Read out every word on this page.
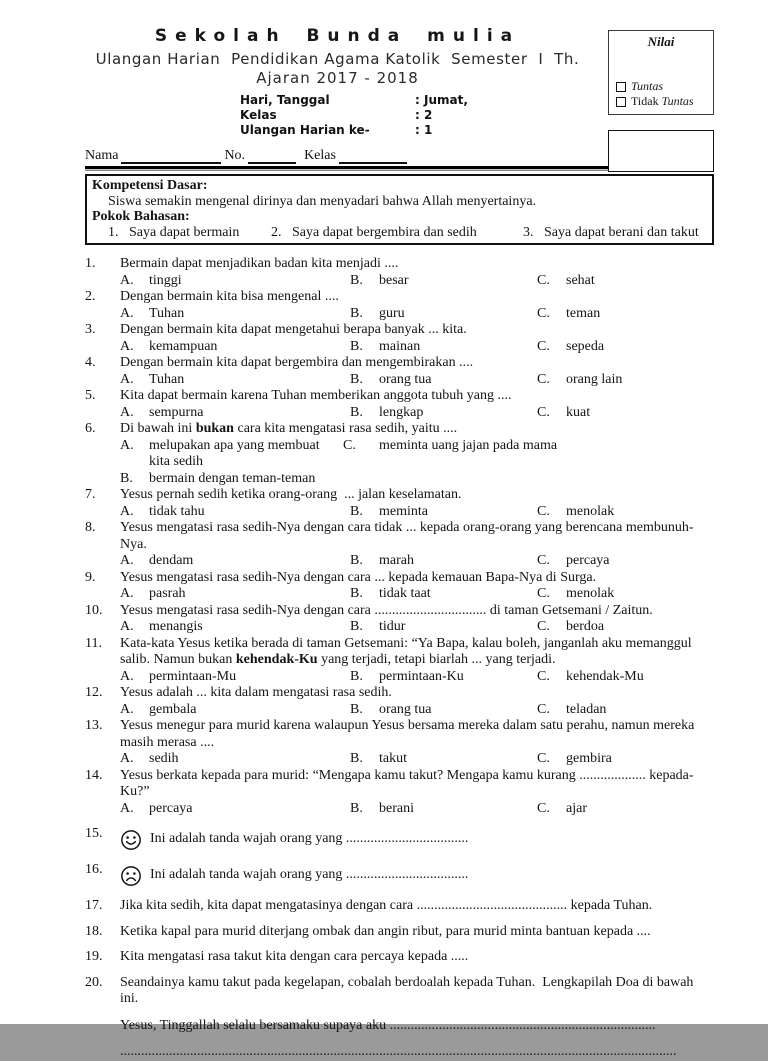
Nilai
Tuntas
Tidak Tuntas
Sekolah Bunda mulia
Ulangan Harian  Pendidikan Agama Katolik  Semester  I  Th.
Ajaran 2017 - 2018
Hari, Tanggal	: Jumat,
Kelas	: 2
Ulangan Harian ke-	: 1
Nama	No.	Kelas
Kompetensi Dasar:
Siswa semakin mengenal dirinya dan menyadari bahwa Allah menyertainya.
Pokok Bahasan:
1.   Saya dapat bermain	2.   Saya dapat bergembira dan sedih	3.   Saya dapat berani dan takut
1.	Bermain dapat menjadikan badan kita menjadi ....
A.	tinggi	B.	besar	C.	sehat
2.	Dengan bermain kita bisa mengenal ....
A.	Tuhan	B.	guru	C.	teman
3.	Dengan bermain kita dapat mengetahui berapa banyak ... kita.
A.	kemampuan	B.	mainan	C.	sepeda
4.	Dengan bermain kita dapat bergembira dan mengembirakan ....
A.	Tuhan	B.	orang tua	C.	orang lain
5.	Kita dapat bermain karena Tuhan memberikan anggota tubuh yang ....
A.	sempurna	B.	lengkap	C.	kuat
6.	Di bawah ini bukan cara kita mengatasi rasa sedih, yaitu ....
A.	melupakan apa yang membuat kita sedih
C.	meminta uang jajan pada mama
B.	bermain dengan teman-teman
7.	Yesus pernah sedih ketika orang-orang  ... jalan keselamatan.
A.	tidak tahu	B.	meminta	C.	menolak
8.	Yesus mengatasi rasa sedih-Nya dengan cara tidak ... kepada orang-orang yang berencana membunuh-Nya.
A.	dendam	B.	marah	C.	percaya
9.	Yesus mengatasi rasa sedih-Nya dengan cara ... kepada kemauan Bapa-Nya di Surga.
A.	pasrah	B.	tidak taat	C.	menolak
10.	Yesus mengatasi rasa sedih-Nya dengan cara ................................ di taman Getsemani / Zaitun.
A.	menangis	B.	tidur	C.	berdoa
11.	Kata-kata Yesus ketika berada di taman Getsemani: “Ya Bapa, kalau boleh, janganlah aku memanggul salib. Namun bukan kehendak-Ku yang terjadi, tetapi biarlah ... yang terjadi.
A.	permintaan-Mu	B.	permintaan-Ku	C.	kehendak-Mu
12.	Yesus adalah ... kita dalam mengatasi rasa sedih.
A.	gembala	B.	orang tua	C.	teladan
13.	Yesus menegur para murid karena walaupun Yesus bersama mereka dalam satu perahu, namun mereka masih merasa ....
A.	sedih	B.	takut	C.	gembira
14.	Yesus berkata kepada para murid: “Mengapa kamu takut? Mengapa kamu kurang ................... kepada-Ku?”
A.	percaya	B.	berani	C.	ajar
15.	Ini adalah tanda wajah orang yang ...................................
16.	Ini adalah tanda wajah orang yang ...................................
17.	Jika kita sedih, kita dapat mengatasinya dengan cara ........................................... kepada Tuhan.
18.	Ketika kapal para murid diterjang ombak dan angin ribut, para murid minta bantuan kepada ....
19.	Kita mengatasi rasa takut kita dengan cara percaya kepada .....
20.	Seandainya kamu takut pada kegelapan, cobalah berdoalah kepada Tuhan.  Lengkapilah Doa di bawah ini.
Yesus, Tinggallah selalu bersamaku supaya aku ............................................................................
...............................................................................................................................................................
